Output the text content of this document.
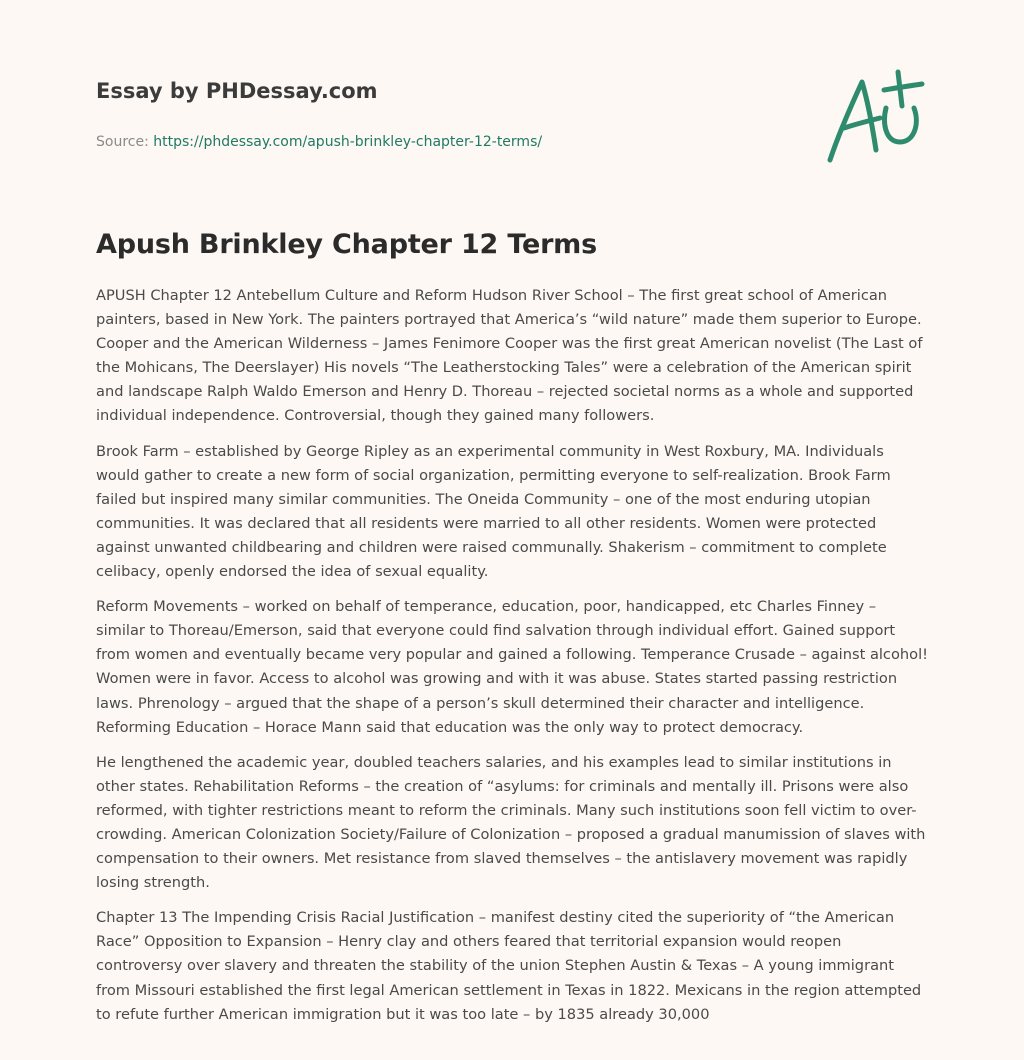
Essay by PHDessay.com
Source: https://phdessay.com/apush-brinkley-chapter-12-terms/
Apush Brinkley Chapter 12 Terms

APUSH Chapter 12 Antebellum Culture and Reform Hudson River School – The first great school of American painters, based in New York. The painters portrayed that America’s “wild nature” made them superior to Europe. Cooper and the American Wilderness – James Fenimore Cooper was the first great American novelist (The Last of the Mohicans, The Deerslayer) His novels “The Leatherstocking Tales” were a celebration of the American spirit and landscape Ralph Waldo Emerson and Henry D. Thoreau – rejected societal norms as a whole and supported individual independence. Controversial, though they gained many followers.

Brook Farm – established by George Ripley as an experimental community in West Roxbury, MA. Individuals would gather to create a new form of social organization, permitting everyone to self-realization. Brook Farm failed but inspired many similar communities. The Oneida Community – one of the most enduring utopian communities. It was declared that all residents were married to all other residents. Women were protected against unwanted childbearing and children were raised communally. Shakerism – commitment to complete celibacy, openly endorsed the idea of sexual equality.

Reform Movements – worked on behalf of temperance, education, poor, handicapped, etc Charles Finney – similar to Thoreau/Emerson, said that everyone could find salvation through individual effort. Gained support from women and eventually became very popular and gained a following. Temperance Crusade – against alcohol! Women were in favor. Access to alcohol was growing and with it was abuse. States started passing restriction laws. Phrenology – argued that the shape of a person’s skull determined their character and intelligence. Reforming Education – Horace Mann said that education was the only way to protect democracy.

He lengthened the academic year, doubled teachers salaries, and his examples lead to similar institutions in other states. Rehabilitation Reforms – the creation of “asylums: for criminals and mentally ill. Prisons were also reformed, with tighter restrictions meant to reform the criminals. Many such institutions soon fell victim to over-crowding. American Colonization Society/Failure of Colonization – proposed a gradual manumission of slaves with compensation to their owners. Met resistance from slaved themselves – the antislavery movement was rapidly losing strength.

Chapter 13 The Impending Crisis Racial Justification – manifest destiny cited the superiority of “the American Race” Opposition to Expansion – Henry clay and others feared that territorial expansion would reopen controversy over slavery and threaten the stability of the union Stephen Austin & Texas – A young immigrant from Missouri established the first legal American settlement in Texas in 1822. Mexicans in the region attempted to refute further American immigration but it was too late – by 1835 already 30,000
